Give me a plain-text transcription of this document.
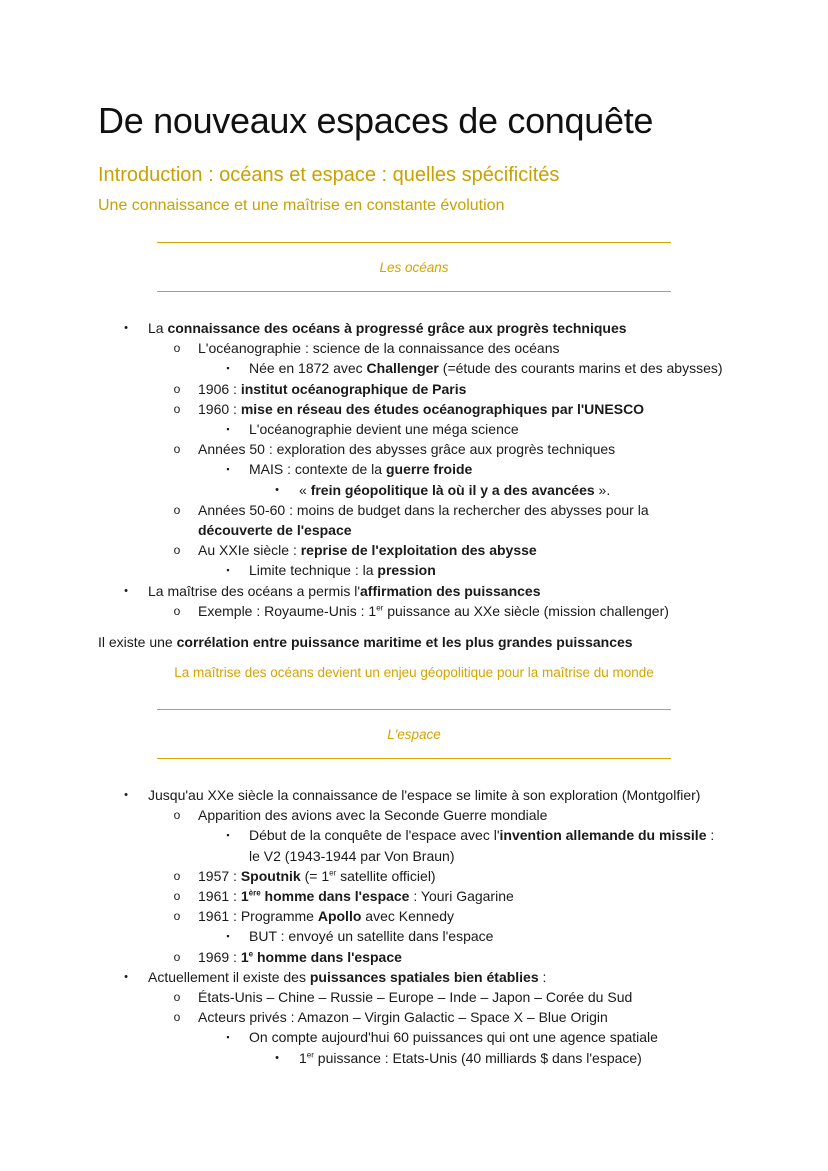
De nouveaux espaces de conquête
Introduction : océans et espace : quelles spécificités
Une connaissance et une maîtrise en constante évolution
Les océans
•	La connaissance des océans à progressé grâce aux progrès techniques
o L'océanographie : science de la connaissance des océans
▪	Née en 1872 avec Challenger (=étude des courants marins et des abysses)
o 1906 : institut océanographique de Paris
o 1960 : mise en réseau des études océanographiques par l'UNESCO
▪	L'océanographie devient une méga science
o Années 50 : exploration des abysses grâce aux progrès techniques
▪	MAIS : contexte de la guerre froide
•	« frein géopolitique là où il y a des avancées ».
o Années 50-60 : moins de budget dans la rechercher des abysses pour la découverte de l'espace
o Au XXIe siècle : reprise de l'exploitation des abysse
▪	Limite technique : la pression
•	La maîtrise des océans a permis l'affirmation des puissances
o Exemple : Royaume-Unis : 1er puissance au XXe siècle (mission challenger)
Il existe une corrélation entre puissance maritime et les plus grandes puissances
La maîtrise des océans devient un enjeu géopolitique pour la maîtrise du monde
L'espace
•	Jusqu'au XXe siècle la connaissance de l'espace se limite à son exploration (Montgolfier)
o Apparition des avions avec la Seconde Guerre mondiale
▪	Début de la conquête de l'espace avec l'invention allemande du missile : le V2 (1943-1944 par Von Braun)
o 1957 : Spoutnik (= 1er satellite officiel)
o 1961 : 1ère homme dans l'espace : Youri Gagarine
o 1961 : Programme Apollo avec Kennedy
▪	BUT : envoyé un satellite dans l'espace
o 1969 : 1e homme dans l'espace
•	Actuellement il existe des puissances spatiales bien établies :
o États-Unis – Chine – Russie – Europe – Inde – Japon – Corée du Sud
o Acteurs privés : Amazon – Virgin Galactic – Space X – Blue Origin
▪	On compte aujourd'hui 60 puissances qui ont une agence spatiale
•	1er puissance : Etats-Unis (40 milliards $ dans l'espace)
